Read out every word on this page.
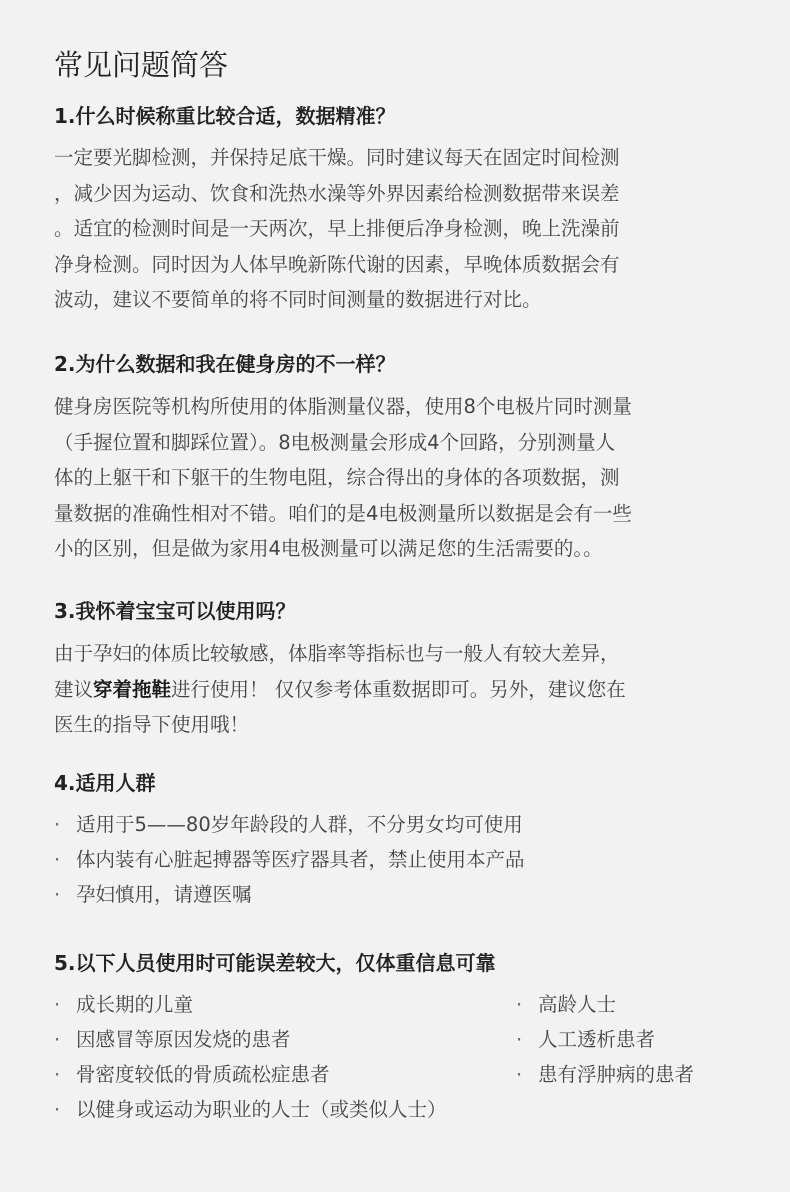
常见问题简答
1.什么时候称重比较合适，数据精准？
一定要光脚检测，并保持足底干燥。同时建议每天在固定时间检测
，减少因为运动、饮食和洗热水澡等外界因素给检测数据带来误差
。适宜的检测时间是一天两次，早上排便后净身检测，晚上洗澡前
净身检测。同时因为人体早晚新陈代谢的因素，早晚体质数据会有
波动，建议不要简单的将不同时间测量的数据进行对比。
2.为什么数据和我在健身房的不一样？
健身房医院等机构所使用的体脂测量仪器，使用8个电极片同时测量
（手握位置和脚踩位置）。8电极测量会形成4个回路，分别测量人
体的上躯干和下躯干的生物电阻，综合得出的身体的各项数据，测
量数据的准确性相对不错。咱们的是4电极测量所以数据是会有一些
小的区别，但是做为家用4电极测量可以满足您的生活需要的。。
3.我怀着宝宝可以使用吗？
由于孕妇的体质比较敏感，体脂率等指标也与一般人有较大差异，
建议穿着拖鞋进行使用！ 仅仅参考体重数据即可。另外，建议您在
医生的指导下使用哦！
4.适用人群
· 适用于5——80岁年龄段的人群，不分男女均可使用
· 体内装有心脏起搏器等医疗器具者，禁止使用本产品
· 孕妇慎用，请遵医嘱
5.以下人员使用时可能误差较大，仅体重信息可靠
· 成长期的儿童
· 因感冒等原因发烧的患者
· 骨密度较低的骨质疏松症患者
· 以健身或运动为职业的人士（或类似人士）
· 高龄人士
· 人工透析患者
· 患有浮肿病的患者
